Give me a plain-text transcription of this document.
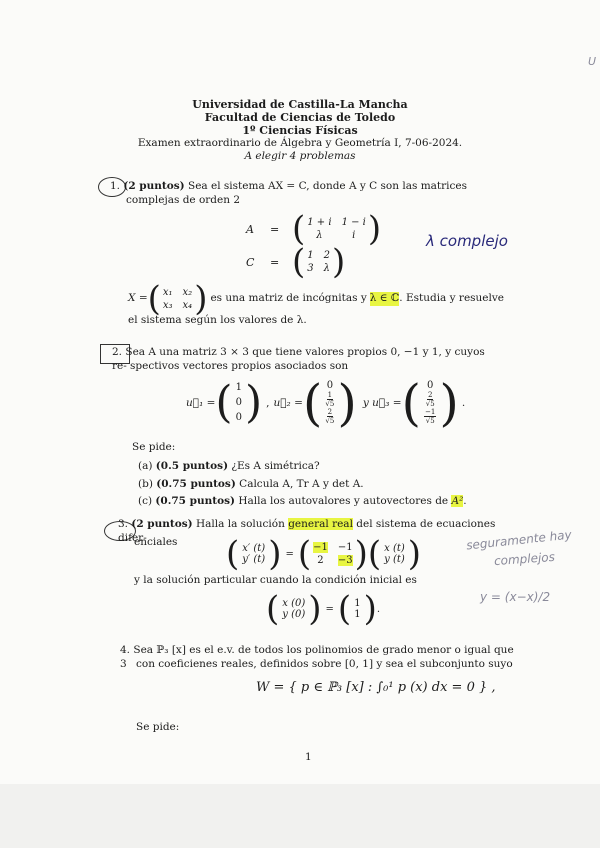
U
Universidad de Castilla-La Mancha
Facultad de Ciencias de Toledo
1º Ciencias Físicas
Examen extraordinario de Álgebra y Geometría I, 7-06-2024.
A elegir 4 problemas
1. (2 puntos) Sea el sistema AX = C, donde A y C son las matrices
complejas de orden 2
A	= ( 1 + i 1 − i
λ	i )
C	= ( 1 2
3 λ )
λ complejo
X = ( x₁ x₂
x₃ x₄ ) es una matriz de incógnitas y λ ∈ ℂ . Estudia y resuelve
el sistema según los valores de λ.
2. Sea A una matriz 3 × 3 que tiene valores propios 0, −1 y 1, y cuyos re- spectivos vectores propios asociados son
u⃗₁ = ( 1
0
0 ) , u⃗₂ = ( 0
$\frac{1}{√5}$
$\frac{2}{√5}$ ) y u⃗₃ = ( 0
$\frac{2}{√5}$
$\frac{-1}{√5}$ ) .
Se pide:
(a) (0.5 puntos) ¿Es A simétrica?
(b) (0.75 puntos) Calcula A, Tr A y det A.
(c) (0.75 puntos) Halla los autovalores y autovectores de A².
3. (2 puntos) Halla la solución general real del sistema de ecuaciones difer-
enciales ( x′ (t)
y′ (t) ) = ( −1 −1
2	−3 ) ( x (t)
y (t) )	seguramente hay
complejos
y = (x−x)/2
y la solución particular cuando la condición inicial es
( x (0)
y (0) ) = ( 1
1 ) .
4. Sea ℙ₃ [x] es el e.v. de todos los polinomios de grado menor o igual que 3 con coeficienes reales, definidos sobre [0, 1] y sea el subconjunto suyo
W = { p ∈ ℙ₃ [x] : ∫₀¹ p (x) dx = 0 } ,
Se pide:
1
